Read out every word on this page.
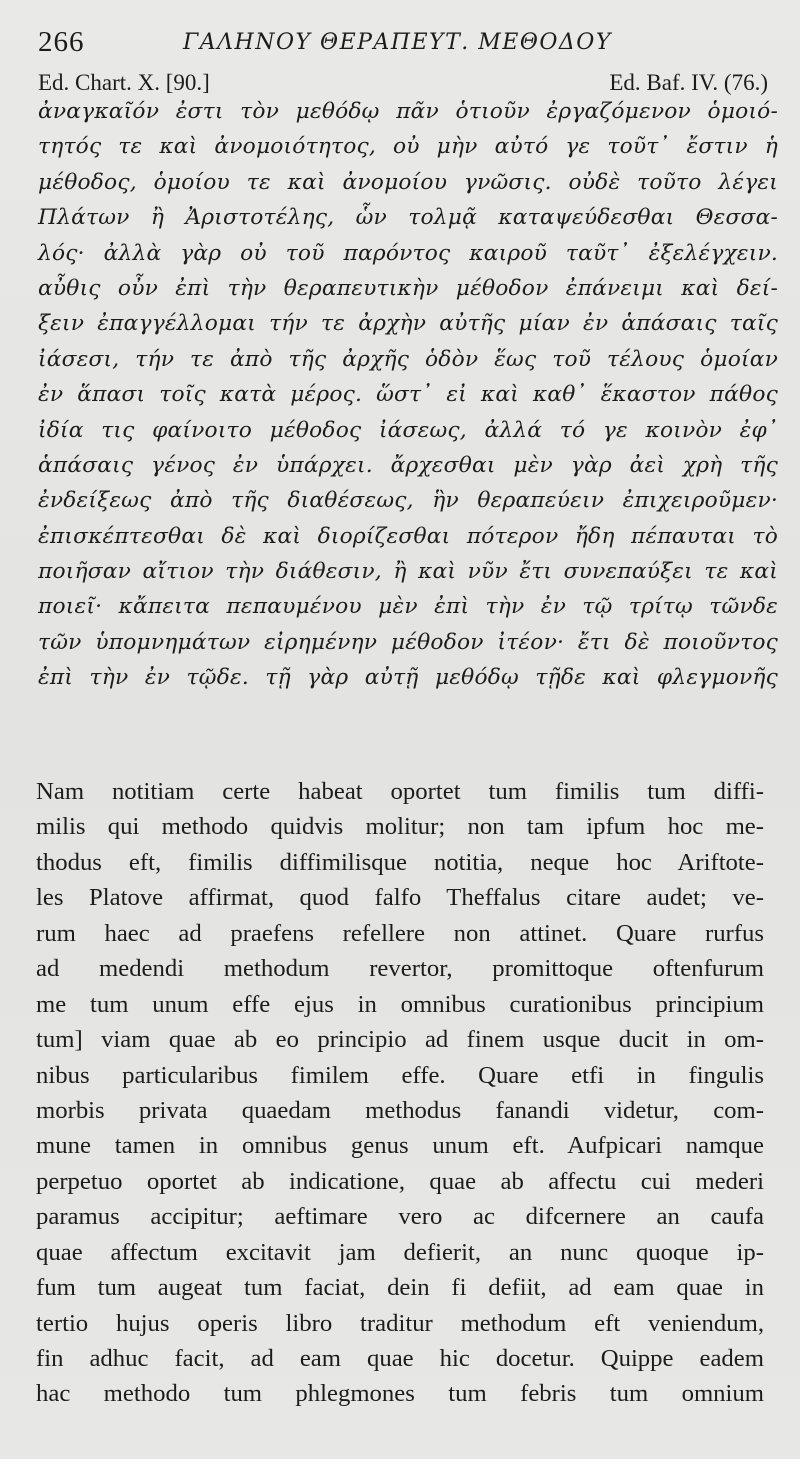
266	ΓΑΛΗΝΟΥ ΘΕΡΑΠΕΥΤ. ΜΕΘΟΔΟΥ
Ed. Chart. X. [90.]	Ed. Baf. IV. (76.)
ἀναγκαῖόν ἐστι τὸν μεθόδῳ πᾶν ὁτιοῦν ἐργαζόμενον ὁμοιό-
τητός τε καὶ ἀνομοιότητος, οὐ μὴν αὐτό γε τοῦτ᾽ ἔστιν ἡ
μέθοδος, ὁμοίου τε καὶ ἀνομοίου γνῶσις. οὐδὲ τοῦτο λέγει
Πλάτων ἢ Ἀριστοτέλης, ὧν τολμᾷ καταψεύδεσθαι Θεσσα-
λός· ἀλλὰ γὰρ οὐ τοῦ παρόντος καιροῦ ταῦτ᾽ ἐξελέγχειν.
αὖθις οὖν ἐπὶ τὴν θεραπευτικὴν μέθοδον ἐπάνειμι καὶ δεί-
ξειν ἐπαγγέλλομαι τήν τε ἀρχὴν αὐτῆς μίαν ἐν ἁπάσαις ταῖς
ἰάσεσι, τήν τε ἀπὸ τῆς ἀρχῆς ὁδὸν ἕως τοῦ τέλους ὁμοίαν
ἐν ἅπασι τοῖς κατὰ μέρος. ὥστ᾽ εἰ καὶ καθ᾽ ἕκαστον πάθος
ἰδία τις φαίνοιτο μέθοδος ἰάσεως, ἀλλά τό γε κοινὸν ἐφ᾽
ἁπάσαις γένος ἐν ὑπάρχει. ἄρχεσθαι μὲν γὰρ ἀεὶ χρὴ τῆς
ἐνδείξεως ἀπὸ τῆς διαθέσεως, ἣν θεραπεύειν ἐπιχειροῦμεν·
ἐπισκέπτεσθαι δὲ καὶ διορίζεσθαι πότερον ἤδη πέπαυται τὸ
ποιῆσαν αἴτιον τὴν διάθεσιν, ἢ καὶ νῦν ἔτι συνεπαύξει τε καὶ
ποιεῖ· κἄπειτα πεπαυμένου μὲν ἐπὶ τὴν ἐν τῷ τρίτῳ τῶνδε
τῶν ὑπομνημάτων εἰρημένην μέθοδον ἰτέον· ἔτι δὲ ποιοῦντος
ἐπὶ τὴν ἐν τῷδε. τῇ γὰρ αὐτῇ μεθόδῳ τῇδε καὶ φλεγμονῆς
Nam notitiam certe habeat oportet tum fimilis tum diffi-
milis qui methodo quidvis molitur; non tam ipfum hoc me-
thodus eft, fimilis diffimilisque notitia, neque hoc Ariftote-
les Platove affirmat, quod falfo Theffalus citare audet; ve-
rum haec ad praefens refellere non attinet. Quare rurfus
ad medendi methodum revertor, promittoque oftenfurum
me tum unum effe ejus in omnibus curationibus principium
tum] viam quae ab eo principio ad finem usque ducit in om-
nibus particularibus fimilem effe. Quare etfi in fingulis
morbis privata quaedam methodus fanandi videtur, com-
mune tamen in omnibus genus unum eft. Aufpicari namque
perpetuo oportet ab indicatione, quae ab affectu cui mederi
paramus accipitur; aeftimare vero ac difcernere an caufa
quae affectum excitavit jam defierit, an nunc quoque ip-
fum tum augeat tum faciat, dein fi defiit, ad eam quae in
tertio hujus operis libro traditur methodum eft veniendum,
fin adhuc facit, ad eam quae hic docetur. Quippe eadem
hac methodo tum phlegmones tum febris tum omnium
